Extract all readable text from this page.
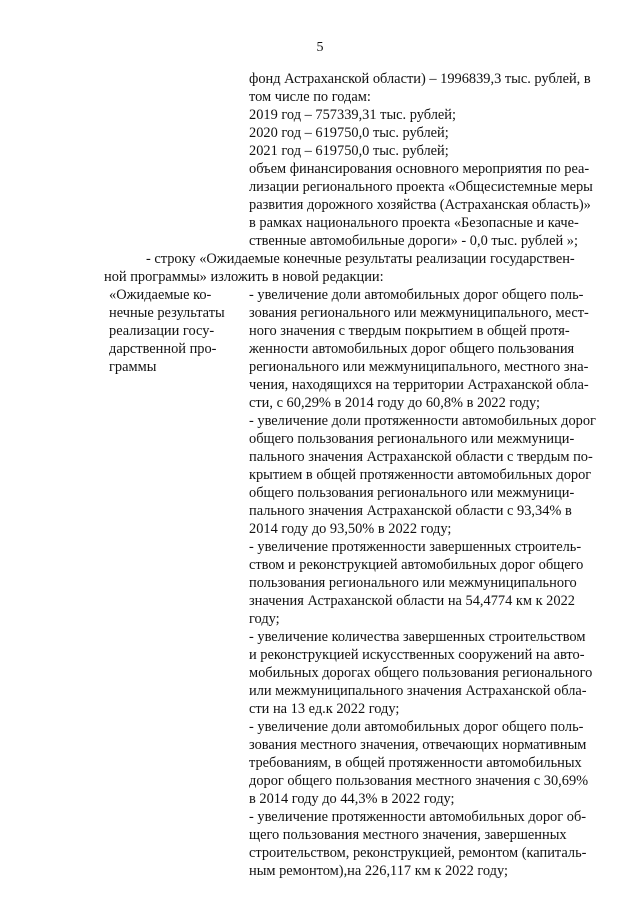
5
фонд Астраханской области) – 1996839,3 тыс. рублей, в
том числе по годам:
2019 год – 757339,31 тыс. рублей;
2020 год – 619750,0 тыс. рублей;
2021 год – 619750,0 тыс. рублей;
объем финансирования основного мероприятия по реа-
лизации регионального проекта «Общесистемные меры
развития дорожного хозяйства (Астраханская область)»
в рамках национального проекта «Безопасные и каче-
ственные автомобильные дороги» - 0,0 тыс. рублей »;
- строку «Ожидаемые конечные результаты реализации государствен-
ной программы» изложить в новой редакции:
«Ожидаемые ко-
нечные результаты
реализации госу-
дарственной про-
граммы
- увеличение доли автомобильных дорог общего поль-
зования регионального или межмуниципального, мест-
ного значения с твердым покрытием в общей протя-
женности автомобильных дорог общего пользования
регионального или межмуниципального, местного зна-
чения, находящихся на территории Астраханской обла-
сти, с 60,29% в 2014 году до 60,8% в 2022 году;
- увеличение доли протяженности автомобильных дорог
общего пользования регионального или межмуници-
пального значения Астраханской области с твердым по-
крытием в общей протяженности автомобильных дорог
общего пользования регионального или межмуници-
пального значения Астраханской области с 93,34% в
2014 году до 93,50% в 2022 году;
- увеличение протяженности завершенных строитель-
ством и реконструкцией автомобильных дорог общего
пользования регионального или межмуниципального
значения Астраханской области на 54,4774 км к 2022
году;
- увеличение количества завершенных строительством
и реконструкцией искусственных сооружений на авто-
мобильных дорогах общего пользования регионального
или межмуниципального значения Астраханской обла-
сти на 13 ед.к 2022 году;
- увеличение доли автомобильных дорог общего поль-
зования местного значения, отвечающих нормативным
требованиям, в общей протяженности автомобильных
дорог общего пользования местного значения с 30,69%
в 2014 году до 44,3% в 2022 году;
- увеличение протяженности автомобильных дорог об-
щего пользования местного значения, завершенных
строительством, реконструкцией, ремонтом (капиталь-
ным ремонтом),на 226,117 км к 2022 году;
